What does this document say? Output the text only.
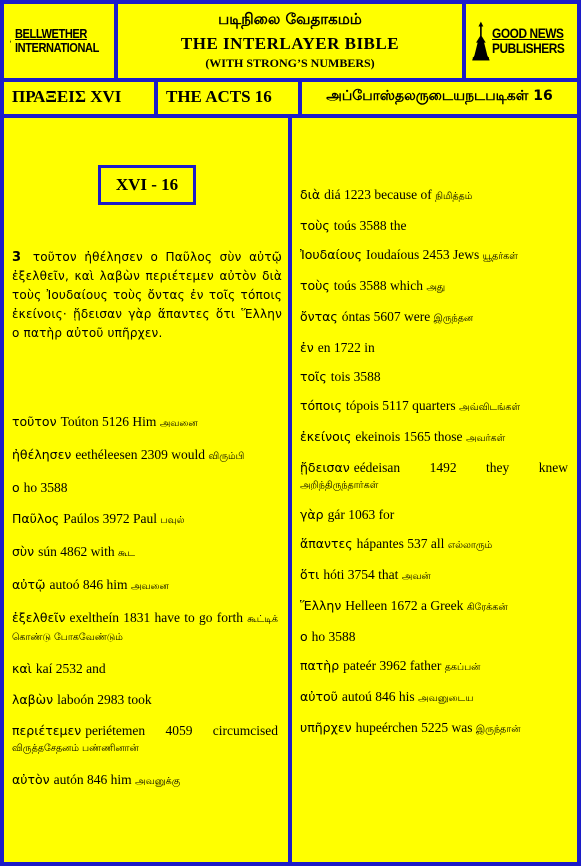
BELLWETHER
INTERNATIONAL
படிநிலை வேதாகமம்
THE INTERLAYER BIBLE
(WITH STRONG’S NUMBERS)
GOOD NEWS
PUBLISHERS
ΠΡΑΞΕΙΣ XVI	THE ACTS 16	அப்போஸ்தலருடையநடபடிகள் 16
XVI - 16
3 τοῦτον ἠθέλησεν ο Παῦλος σὺν αὐτῷ ἐξελθεῖν, καὶ λαβὼν περιέτεμεν αὐτὸν διὰ τοὺς Ἰουδαίους τοὺς ὄντας ἐν τοῖς τόποις ἐκείνοις· ᾔδεισαν γὰρ ἅπαντες ὅτι Ἕλλην ο πατὴρ αὐτοῦ υπῆρχεν.
τοῦτον Toúton 5126 Him அவனை
ἠθέλησεν eethéleesen 2309 would விரும்பி
ο ho 3588
Παῦλος Paúlos 3972 Paul பவுல்
σὺν sún 4862 with கூட
αὐτῷ autoó 846 him அவனை
ἐξελθεῖν exeltheín 1831 have to go forth கூட்டிக் கொண்டு போகவேண்டும்
καὶ kaí 2532 and
λαβὼν laboón 2983 took
περιέτεμεν periétemen 4059 circumcised விருத்தசேதனம் பண்ணினான்
αὐτὸν autón 846 him அவனுக்கு
διὰ diá 1223 because of நிமித்தம்
τοὺς toús 3588 the
Ἰουδαίους Ioudaíous 2453 Jews யூதர்கள்
τοὺς toús 3588 which அது
ὄντας óntas 5607 were இருந்தன
ἐν en 1722 in
τοῖς tois 3588
τόποις tópois 5117 quarters அவ்விடங்கள்
ἐκείνοις ekeinois 1565 those அவர்கள்
ᾔδεισαν eédeisan 1492 they knew அறிந்திருந்தார்கள்
γὰρ gár 1063 for
ἅπαντες hápantes 537 all எல்லாரும்
ὅτι hóti 3754 that அவன்
Ἕλλην Helleen 1672 a Greek கிரேக்கன்
ο ho 3588
πατὴρ pateér 3962 father தகப்பன்
αὐτοῦ autoú 846 his அவனுடைய
υπῆρχεν hupeérchen 5225 was இருந்தான்
